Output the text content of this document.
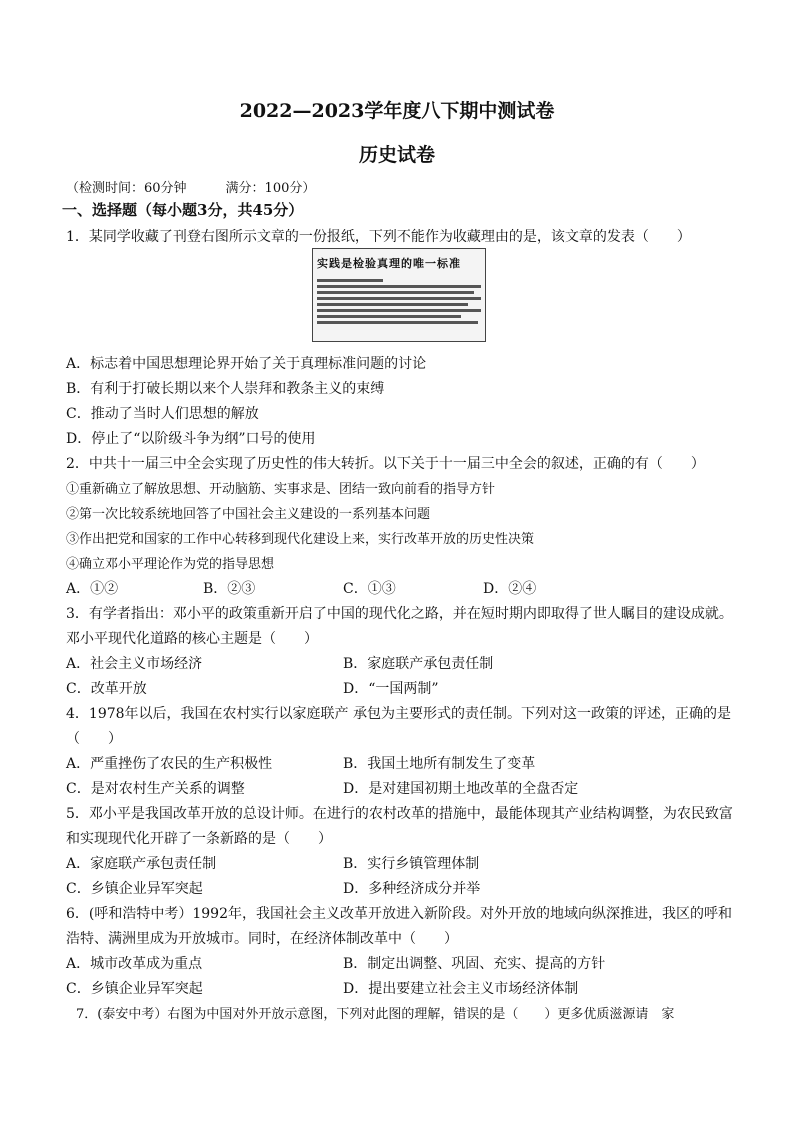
2022—2023学年度八下期中测试卷
历史试卷
（检测时间：60分钟　　　满分：100分）
一、选择题（每小题3分，共45分）
1．某同学收藏了刊登右图所示文章的一份报纸，下列不能作为收藏理由的是，该文章的发表（　　）
实践是检验真理的唯一标准
A．标志着中国思想理论界开始了关于真理标准问题的讨论
B．有利于打破长期以来个人崇拜和教条主义的束缚
C．推动了当时人们思想的解放
D．停止了“以阶级斗争为纲”口号的使用
2．中共十一届三中全会实现了历史性的伟大转折。以下关于十一届三中全会的叙述，正确的有（　　）
①重新确立了解放思想、开动脑筋、实事求是、团结一致向前看的指导方针
②第一次比较系统地回答了中国社会主义建设的一系列基本问题
③作出把党和国家的工作中心转移到现代化建设上来，实行改革开放的历史性决策
④确立邓小平理论作为党的指导思想
A．①②	B．②③	C．①③	D．②④
3．有学者指出：邓小平的政策重新开启了中国的现代化之路，并在短时期内即取得了世人瞩目的建设成就。
邓小平现代化道路的核心主题是（　　）
A．社会主义市场经济	B．家庭联产承包责任制
C．改革开放	D．“一国两制”
4．1978年以后，我国在农村实行以家庭联产 承包为主要形式的责任制。下列对这一政策的评述，正确的是
（　　）
A．严重挫伤了农民的生产积极性	B．我国土地所有制发生了变革
C．是对农村生产关系的调整	D．是对建国初期土地改革的全盘否定
5．邓小平是我国改革开放的总设计师。在进行的农村改革的措施中，最能体现其产业结构调整，为农民致富
和实现现代化开辟了一条新路的是（　　）
A．家庭联产承包责任制	B．实行乡镇管理体制
C．乡镇企业异军突起	D．多种经济成分并举
6．(呼和浩特中考）1992年，我国社会主义改革开放进入新阶段。对外开放的地域向纵深推进，我区的呼和
浩特、满洲里成为开放城市。同时，在经济体制改革中（　　）
A．城市改革成为重点	B．制定出调整、巩固、充实、提高的方针
C．乡镇企业异军突起	D．提出要建立社会主义市场经济体制
7．(泰安中考）右图为中国对外开放示意图，下列对此图的理解，错误的是（　　）更多优质滋源请　家
